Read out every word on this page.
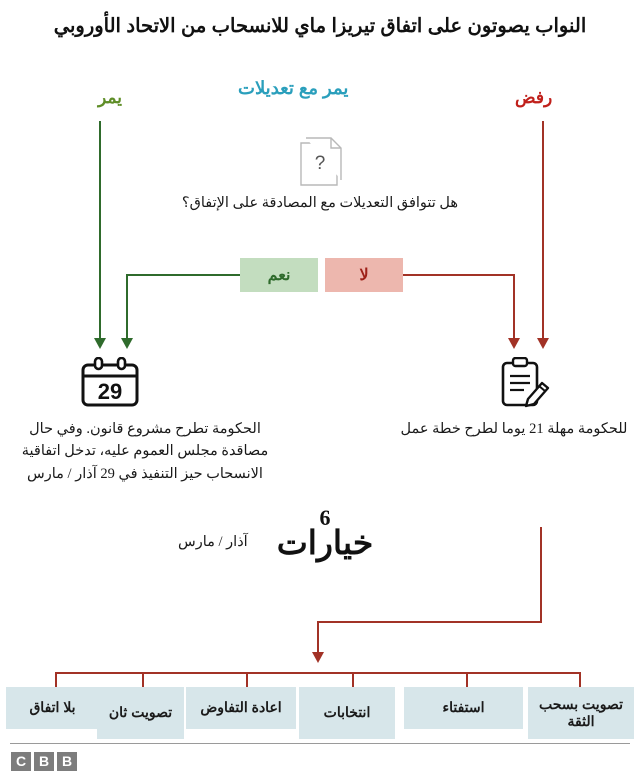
النواب يصوتون على اتفاق تيريزا ماي للانسحاب من الاتحاد الأوروبي
يمر	يمر مع تعديلات	رفض
?
هل تتوافق التعديلات مع المصادقة على الإتفاق؟
نعم	لا
29
الحكومة تطرح مشروع قانون. وفي حال مصاقدة مجلس العموم عليه، تدخل اتفاقية الانسحاب حيز التنفيذ في 29 آذار / مارس
للحكومة مهلة 21 يوما لطرح خطة عمل
آذار / مارس
6
خيارات
بلا اتفاق تصويت ثان اعادة التفاوض	انتخابات	استفتاء	تصويت بسحب الثقة
B
B
C
